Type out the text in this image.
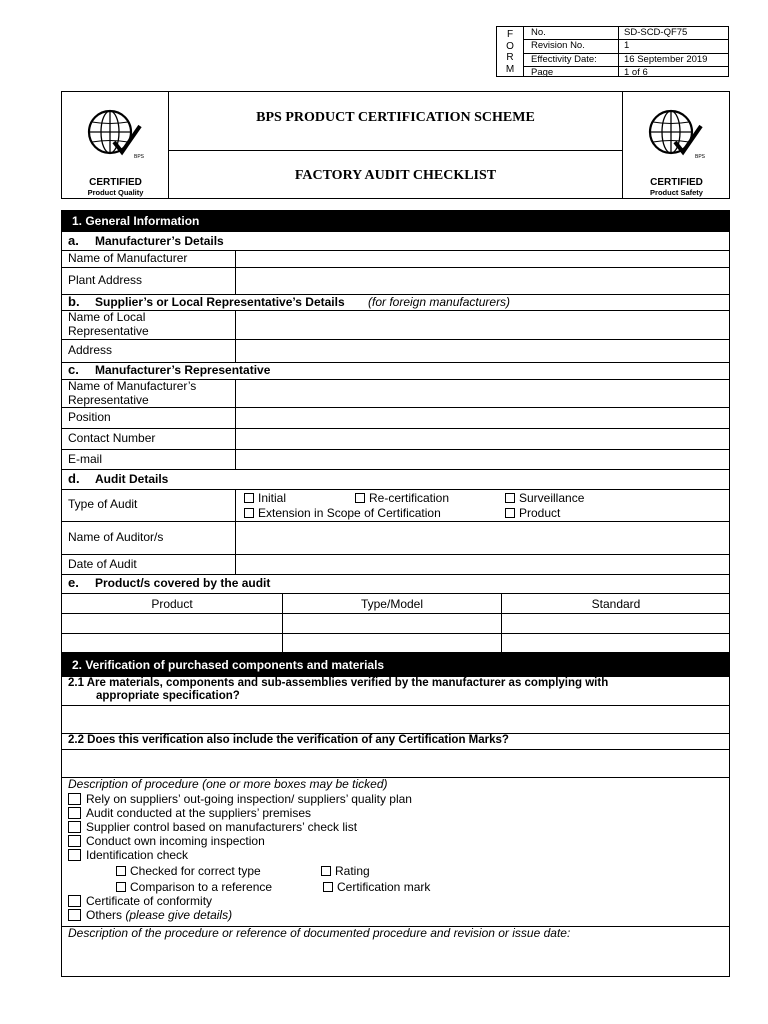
F
O
R
M
No.	SD-SCD-QF75
Revision No.	1
Effectivity Date:	16 September 2019
Page	1 of 6
BPS
CERTIFIED
Product Quality
BPS
CERTIFIED
Product Safety
BPS PRODUCT CERTIFICATION SCHEME
FACTORY AUDIT CHECKLIST
1. General Information
a. Manufacturer’s Details
Name of Manufacturer
Plant Address
b. Supplier’s or Local Representative’s Details (for foreign manufacturers)
Name of Local Representative
Address
c. Manufacturer’s Representative
Name of Manufacturer’s Representative
Position
Contact Number
E-mail
d. Audit Details
Type of Audit	Initial	Re-certification	Surveillance
Extension in Scope of Certification	Product
Name of Auditor/s
Date of Audit
e. Product/s covered by the audit
Product	Type/Model	Standard
2. Verification of purchased components and materials
2.1 Are materials, components and sub-assemblies verified by the manufacturer as complying with
appropriate specification?
2.2 Does this verification also include the verification of any Certification Marks?
Description of procedure (one or more boxes may be ticked)
Rely on suppliers’ out-going inspection/ suppliers’ quality plan
Audit conducted at the suppliers’ premises
Supplier control based on manufacturers’ check list
Conduct own incoming inspection
Identification check
Checked for correct type	Rating
Comparison to a reference	Certification mark
Certificate of conformity
Others (please give details)
Description of the procedure or reference of documented procedure and revision or issue date:
